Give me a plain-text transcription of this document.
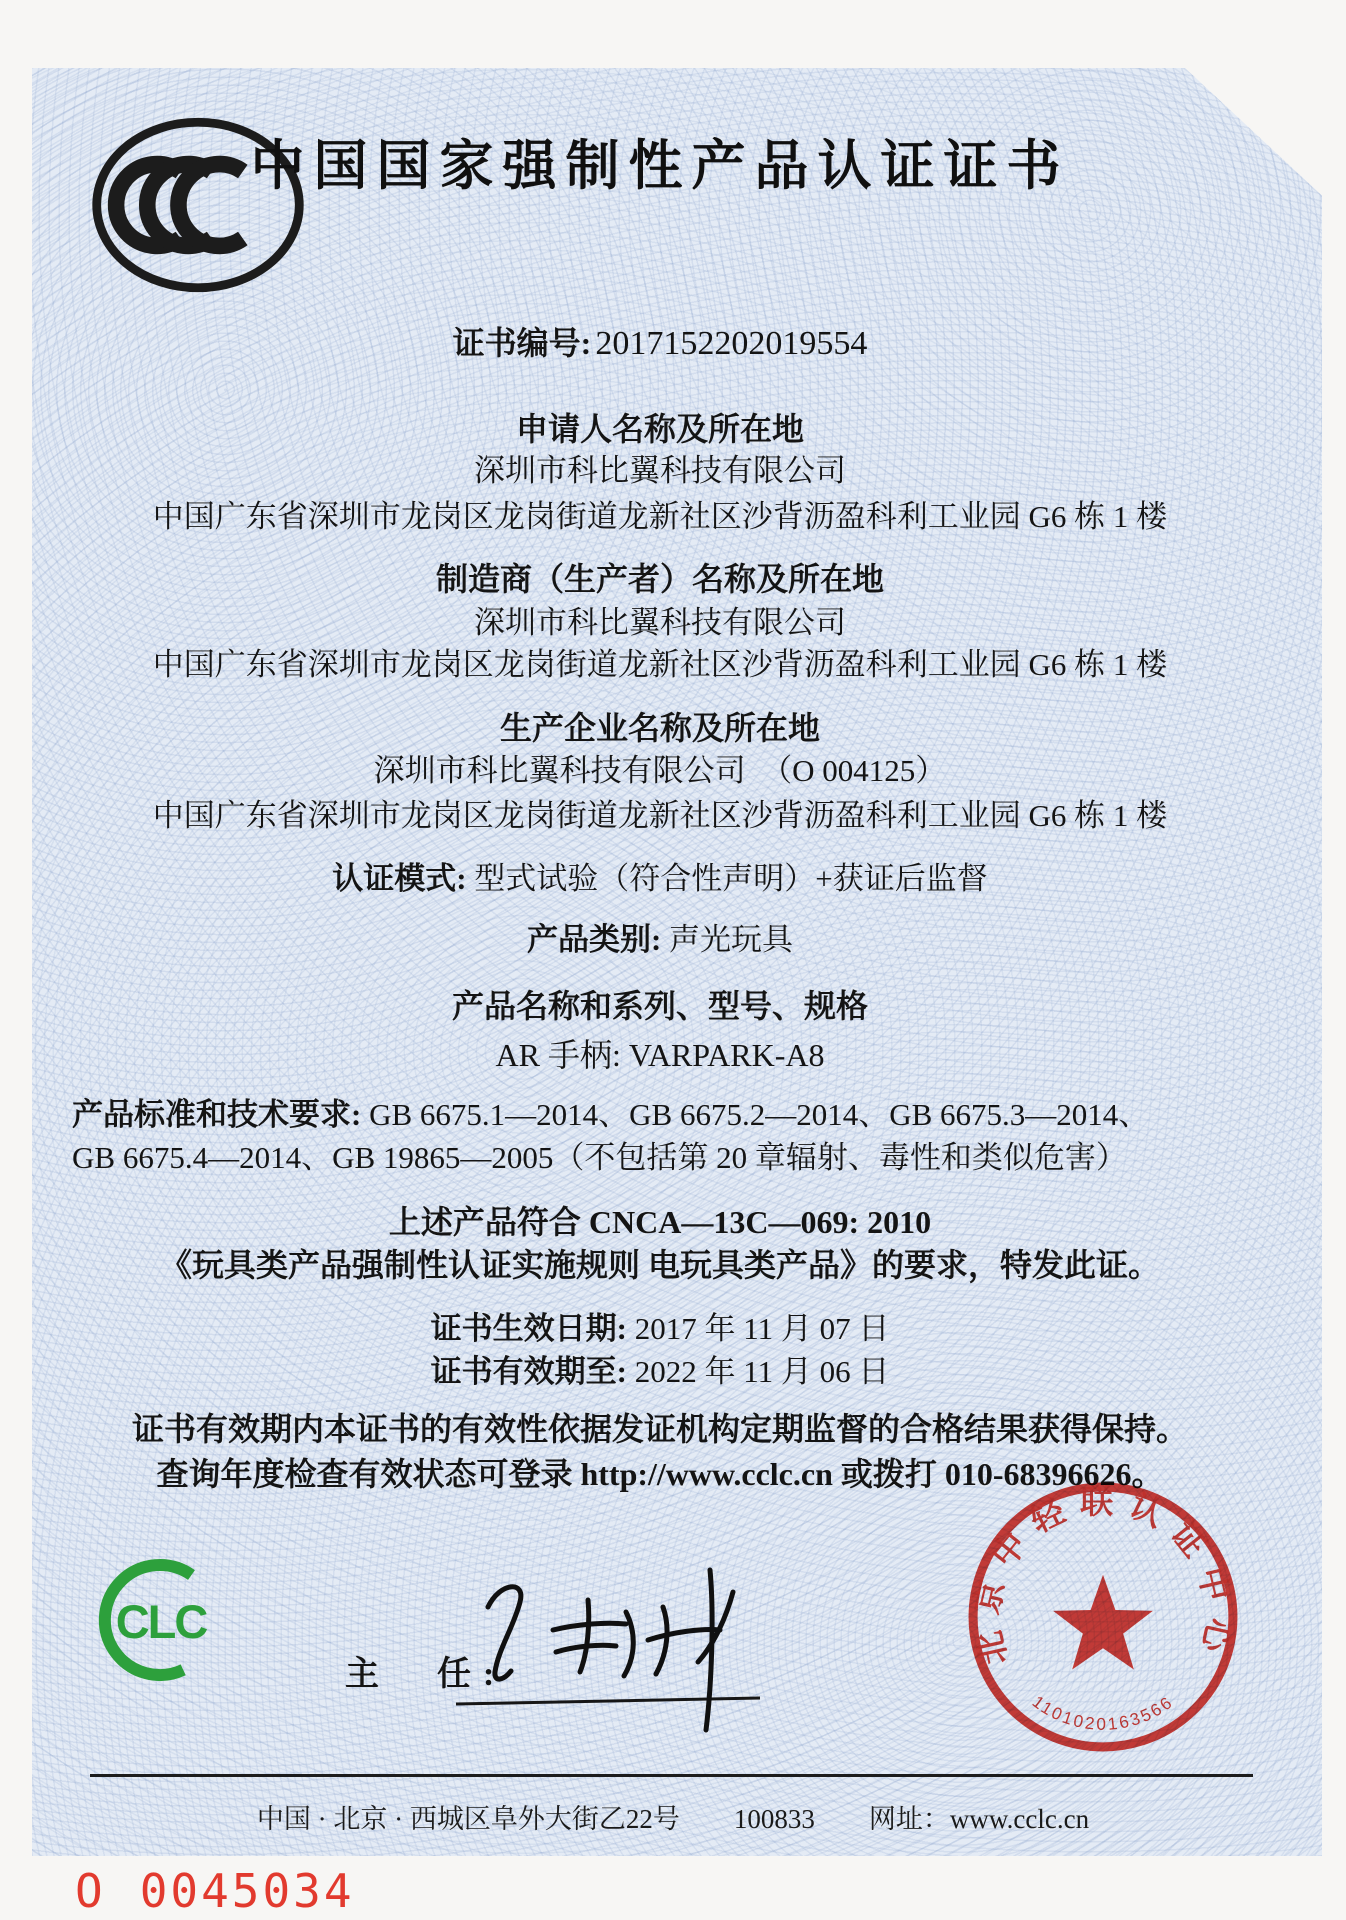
中国国家强制性产品认证证书
证书编号: 2017152202019554
申请人名称及所在地
深圳市科比翼科技有限公司
中国广东省深圳市龙岗区龙岗街道龙新社区沙背沥盈科利工业园 G6 栋 1 楼
制造商（生产者）名称及所在地
深圳市科比翼科技有限公司
中国广东省深圳市龙岗区龙岗街道龙新社区沙背沥盈科利工业园 G6 栋 1 楼
生产企业名称及所在地
深圳市科比翼科技有限公司　（O 004125）
中国广东省深圳市龙岗区龙岗街道龙新社区沙背沥盈科利工业园 G6 栋 1 楼
认证模式: 型式试验（符合性声明）+获证后监督
产品类别: 声光玩具
产品名称和系列、型号、规格
AR 手柄: VARPARK-A8
产品标准和技术要求: GB 6675.1—2014、GB 6675.2—2014、GB 6675.3—2014、
GB 6675.4—2014、GB 19865—2005（不包括第 20 章辐射、毒性和类似危害）
上述产品符合 CNCA—13C—069: 2010
《玩具类产品强制性认证实施规则 电玩具类产品》的要求，特发此证。
证书生效日期: 2017 年 11 月 07 日
证书有效期至: 2022 年 11 月 06 日
证书有效期内本证书的有效性依据发证机构定期监督的合格结果获得保持。
查询年度检查有效状态可登录 http://www.cclc.cn 或拨打 010-68396626。
CLC
主　任:
北京中轻联认证中心
1101020163566
中国 · 北京 · 西城区阜外大街乙22号　　100833　　网址：www.cclc.cn
O 0045034
